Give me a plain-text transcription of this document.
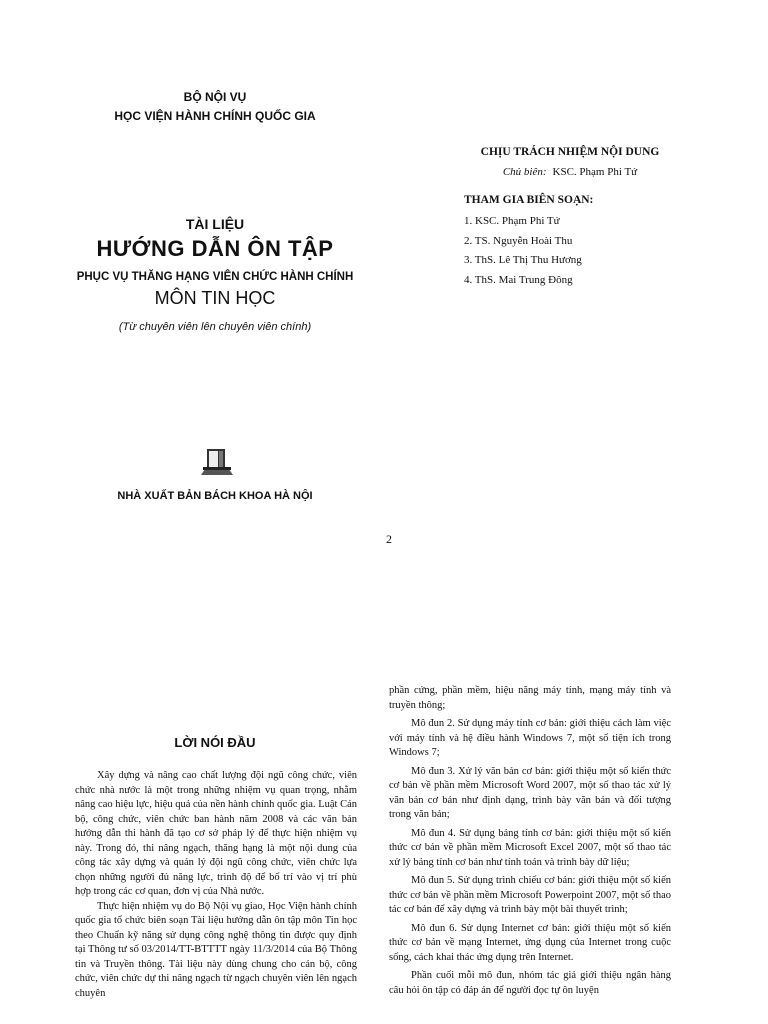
BỘ NỘI VỤ
HỌC VIỆN HÀNH CHÍNH QUỐC GIA
TÀI LIỆU
HƯỚNG DẪN ÔN TẬP
PHỤC VỤ THĂNG HẠNG VIÊN CHỨC HÀNH CHÍNH
MÔN TIN HỌC
(Từ chuyên viên lên chuyên viên chính)
CHỊU TRÁCH NHIỆM NỘI DUNG
Chủ biên: KSC. Phạm Phi Tứ
THAM GIA BIÊN SOẠN:
1. KSC. Phạm Phi Tứ
2. TS. Nguyễn Hoài Thu
3. ThS. Lê Thị Thu Hương
4. ThS. Mai Trung Đông
NHÀ XUẤT BẢN BÁCH KHOA HÀ NỘI
2
LỜI NÓI ĐẦU

Xây dựng và nâng cao chất lượng đội ngũ công chức, viên chức nhà nước là một trong những nhiệm vụ quan trọng, nhằm nâng cao hiệu lực, hiệu quả của nền hành chính quốc gia. Luật Cán bộ, công chức, viên chức ban hành năm 2008 và các văn bản hướng dẫn thi hành đã tạo cơ sở pháp lý để thực hiện nhiệm vụ này. Trong đó, thi nâng ngạch, thăng hạng là một nội dung của công tác xây dựng và quản lý đội ngũ công chức, viên chức lựa chọn những người đủ năng lực, trình độ để bố trí vào vị trí phù hợp trong các cơ quan, đơn vị của Nhà nước.

Thực hiện nhiệm vụ do Bộ Nội vụ giao, Học Viện hành chính quốc gia tổ chức biên soạn Tài liệu hướng dẫn ôn tập môn Tin học theo Chuẩn kỹ năng sử dụng công nghệ thông tin được quy định tại Thông tư số 03/2014/TT-BTTTT ngày 11/3/2014 của Bộ Thông tin và Truyền thông. Tài liệu này dùng chung cho cán bộ, công chức, viên chức dự thi nâng ngạch từ ngạch chuyên viên lên ngạch chuyên

phần cứng, phần mềm, hiệu năng máy tính, mạng máy tính và truyền thông;

Mô đun 2. Sử dụng máy tính cơ bản: giới thiệu cách làm việc với máy tính và hệ điều hành Windows 7, một số tiện ích trong Windows 7;

Mô đun 3. Xử lý văn bản cơ bản: giới thiệu một số kiến thức cơ bản về phần mềm Microsoft Word 2007, một số thao tác xử lý văn bản cơ bản như định dạng, trình bày văn bản và đối tượng trong văn bản;

Mô đun 4. Sử dụng bảng tính cơ bản: giới thiệu một số kiến thức cơ bản về phần mềm Microsoft Excel 2007, một số thao tác xử lý bảng tính cơ bản như tính toán và trình bày dữ liệu;

Mô đun 5. Sử dụng trình chiếu cơ bản: giới thiệu một số kiến thức cơ bản về phần mềm Microsoft Powerpoint 2007, một số thao tác cơ bản để xây dựng và trình bày một bài thuyết trình;

Mô đun 6. Sử dụng Internet cơ bản: giới thiệu một số kiến thức cơ bản về mạng Internet, ứng dụng của Internet trong cuộc sống, cách khai thác ứng dụng trên Internet.

Phần cuối mỗi mô đun, nhóm tác giả giới thiệu ngân hàng câu hỏi ôn tập có đáp án để người đọc tự ôn luyện
